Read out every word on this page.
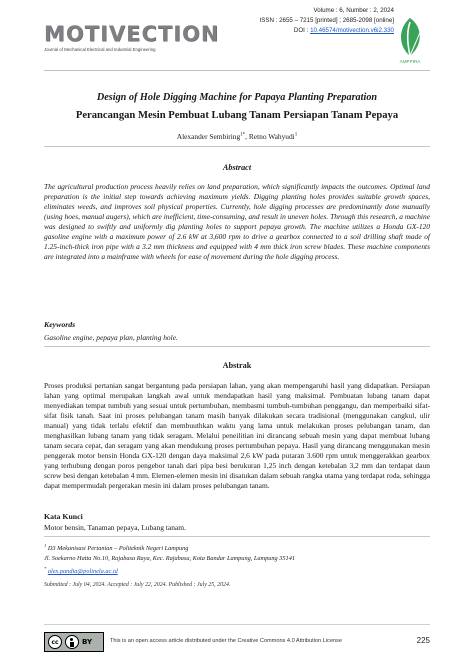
MOTIVECTION
Journal of Mechanical Electrical and Industrial Engineering
Volume : 6, Number : 2, 2024
ISSN : 2655 – 7215 [printed] ; 2685-2098 [online]
DOI : 10.46574/motivection.v6i2.330
AMPPIRA
Design of Hole Digging Machine for Papaya Planting Preparation
Perancangan Mesin Pembuat Lubang Tanam Persiapan Tanam Pepaya
Alexander Sembiring$^{1*}$, Retno Wahyudi$^1$
Abstract

The agricultural production process heavily relies on land preparation, which significantly impacts the outcomes. Optimal land preparation is the initial step towards achieving maximum yields. Digging planting holes provides suitable growth spaces, eliminates weeds, and improves soil physical properties. Currently, hole digging processes are predominantly done manually (using hoes, manual augers), which are inefficient, time-consuming, and result in uneven holes. Through this research, a machine was designed to swiftly and uniformly dig planting holes to support pepaya growth. The machine utilizes a Honda GX-120 gasoline engine with a maximum power of 2.6 kW at 3,600 rpm to drive a gearbox connected to a soil drilling shaft made of 1.25-inch-thick iron pipe with a 3.2 mm thickness and equipped with 4 mm thick iron screw blades. These machine components are integrated into a mainframe with wheels for ease of movement during the hole digging process.

Keywords
Gasoline engine, pepaya plan, planting hole.
Abstrak

Proses produksi pertanian sangat bergantung pada persiapan lahan, yang akan mempengaruhi hasil yang didapatkan. Persiapan lahan yang optimal merupakan langkah awal untuk mendapatkan hasil yang maksimal. Pembuatan lubang tanam dapat menyediakan tempat tumbuh yang sesuai untuk pertumbuhan, membasmi tumbuh-tumbuhan penggangu, dan memperbaiki sifat-sifat fisik tanah. Saat ini proses pelubangan tanam masih banyak dilakukan secara tradisional (menggunakan cangkul, ulir manual) yang tidak terlalu efektif dan membuuthkan waktu yang lama untuk melakukan proses pelubangan tanam, dan menghasilkan lubang tanam yang tidak seragam. Melalui peneilitian ini dirancang sebuah mesin yang dapat membuat lubang tanam secara cepat, dan seragam yang akan mendukung proses pertumbuhan pepaya. Hasil yang dirancang menggunakan mesin penggerak motor bensin Honda GX-120 dengan daya maksimal 2,6 kW pada putaran 3.600 rpm untuk menggerakkan gearbox yang terhubung dengan poros pengebor tanah dari pipa besi berukuran 1,25 inch dengan ketebalan 3,2 mm dan terdapat daun screw besi dengan ketebalan 4 mm. Elemen-elemen mesin ini disatukan dalam sebuah rangka utama yang terdapat roda, sehingga dapat mempermudah pergerakan mesin ini dalam proses pelubangan tanam.

Kata Kunci
Motor bensin, Tanaman pepaya, Lubang tanam.
$^1$ D3 Mekanisasi Pertanian – Politeknik Negeri Lampung
Jl. Soekarno Hatta No.10, Rajabasa Raya, Kec. Rajabasa, Kota Bandar Lampung, Lampung 35141
* alex.pandia@polinela.ac.id
Submitted : July 04, 2024. Accepted : July 22, 2024. Published : July 25, 2024.
cc	BY	This is an open access article distributed under the Creative Commons 4.0 Attribution License	225
